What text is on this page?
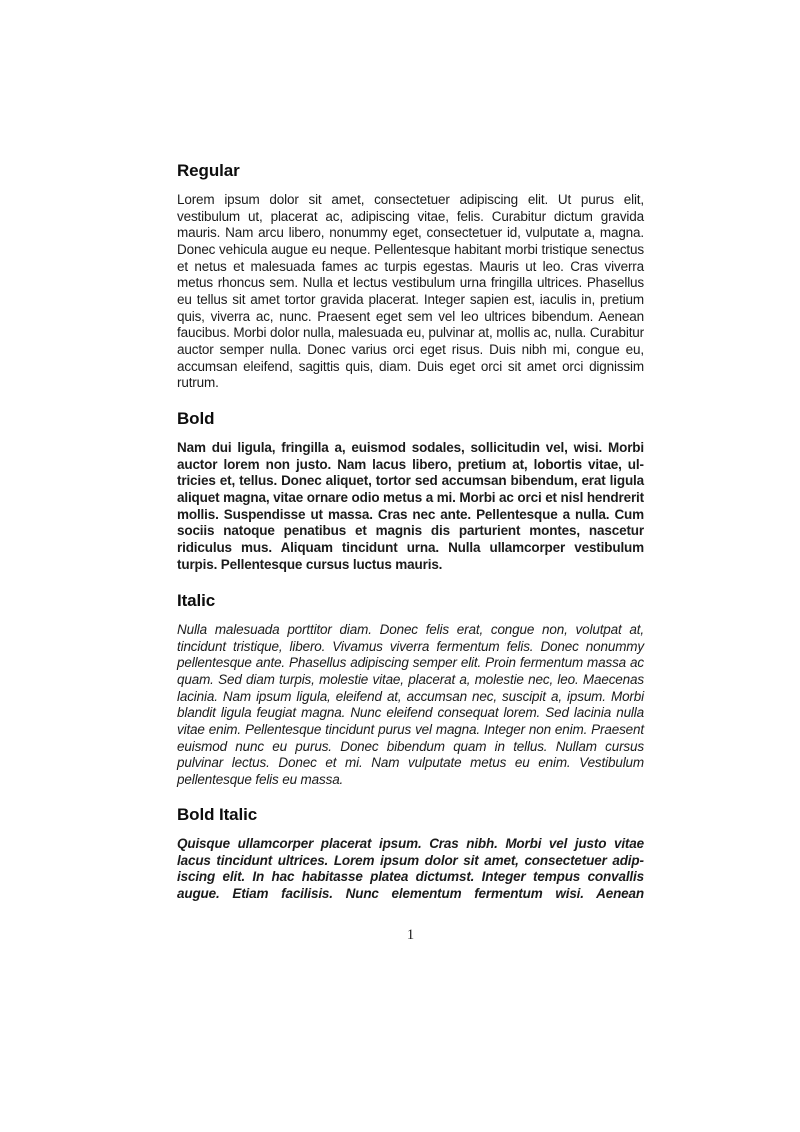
Regular

Lorem ipsum dolor sit amet, consectetuer adipiscing elit. Ut purus elit, vestibulum ut, placerat ac, adipiscing vitae, felis. Curabitur dictum gravida mauris. Nam arcu libero, nonummy eget, consectetuer id, vulputate a, magna. Donec vehicula augue eu neque. Pellentesque habitant morbi tristique senectus et netus et malesuada fames ac turpis egestas. Mauris ut leo. Cras viverra metus rhoncus sem. Nulla et lectus vestibulum urna fringilla ultrices. Phasellus eu tellus sit amet tortor gravida placerat. Integer sapien est, iaculis in, pretium quis, viverra ac, nunc. Praesent eget sem vel leo ultrices bibendum. Aenean faucibus. Morbi dolor nulla, malesuada eu, pulvinar at, mollis ac, nulla. Curabitur auctor semper nulla. Donec varius orci eget risus. Duis nibh mi, congue eu, accumsan eleifend, sagittis quis, diam. Duis eget orci sit amet orci dignissim rutrum.

Bold

Nam dui ligula, fringilla a, euismod sodales, sollicitudin vel, wisi. Morbi auctor lorem non justo. Nam lacus libero, pretium at, lobortis vitae, ultricies et, tellus. Donec aliquet, tortor sed accumsan bibendum, erat ligula aliquet magna, vitae ornare odio metus a mi. Morbi ac orci et nisl hendrerit mollis. Suspendisse ut massa. Cras nec ante. Pellentesque a nulla. Cum sociis natoque penatibus et magnis dis parturient montes, nascetur ridiculus mus. Aliquam tincidunt urna. Nulla ullamcorper vestibulum turpis. Pellentesque cursus luctus mauris.

Italic

Nulla malesuada porttitor diam. Donec felis erat, congue non, volutpat at, tincidunt tristique, libero. Vivamus viverra fermentum felis. Donec nonummy pellentesque ante. Phasellus adipiscing semper elit. Proin fermentum massa ac quam. Sed diam turpis, molestie vitae, placerat a, molestie nec, leo. Maecenas lacinia. Nam ipsum ligula, eleifend at, accumsan nec, suscipit a, ipsum. Morbi blandit ligula feugiat magna. Nunc eleifend consequat lorem. Sed lacinia nulla vitae enim. Pellentesque tincidunt purus vel magna. Integer non enim. Praesent euismod nunc eu purus. Donec bibendum quam in tellus. Nullam cursus pulvinar lectus. Donec et mi. Nam vulputate metus eu enim. Vestibulum pellentesque felis eu massa.

Bold Italic

Quisque ullamcorper placerat ipsum. Cras nibh. Morbi vel justo vitae lacus tincidunt ultrices. Lorem ipsum dolor sit amet, consectetuer adipiscing elit. In hac habitasse platea dictumst. Integer tempus convallis augue. Etiam facilisis. Nunc elementum fermentum wisi. Aenean

1
